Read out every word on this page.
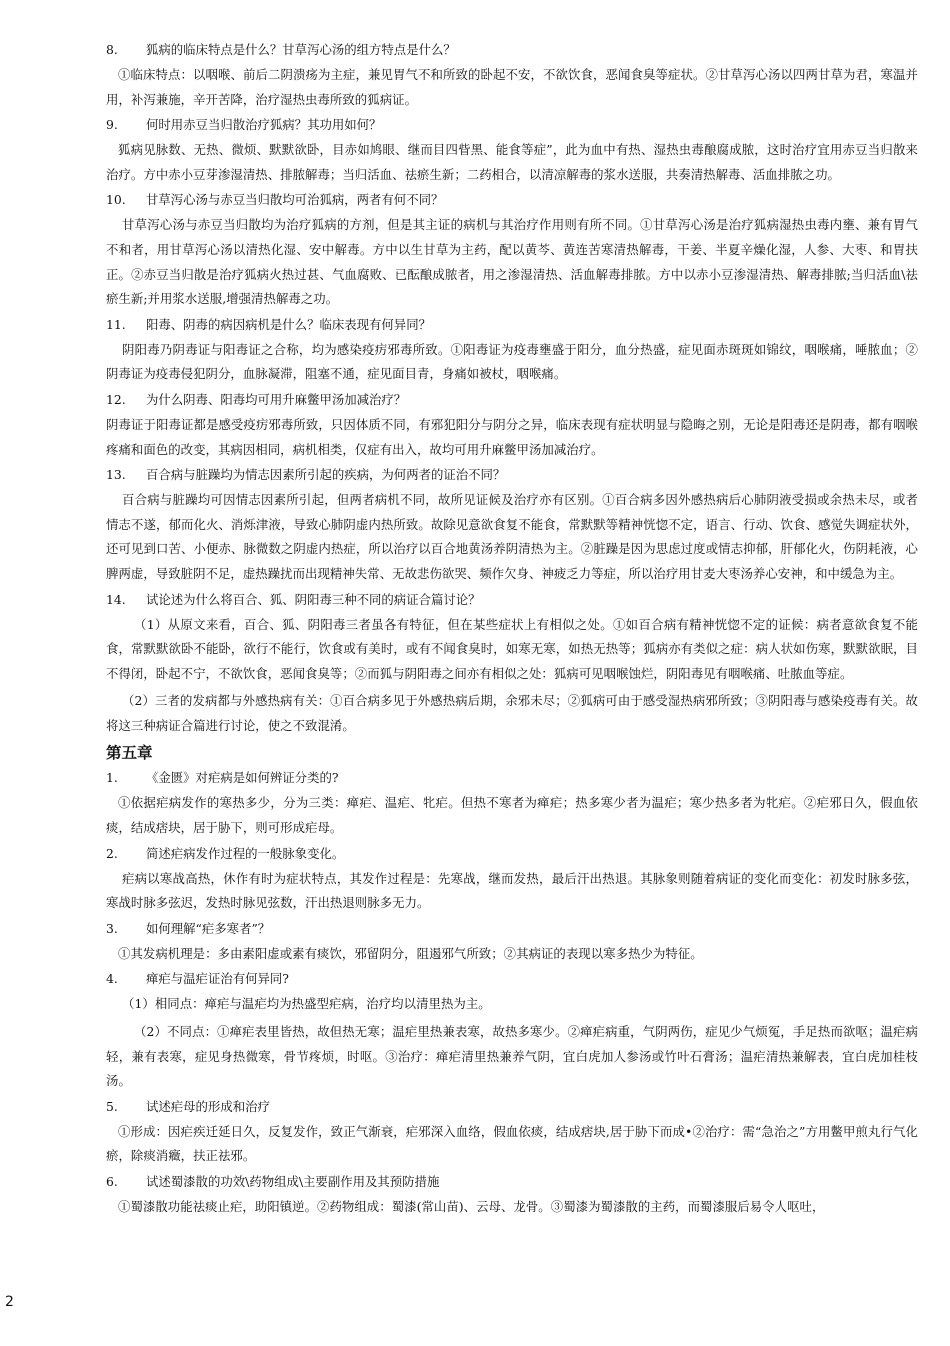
8. 狐病的临床特点是什么？甘草泻心汤的组方特点是什么？

①临床特点：以咽喉、前后二阴溃疡为主症，兼见胃气不和所致的卧起不安，不欲饮食，恶闻食臭等症状。②甘草泻心汤以四两甘草为君，寒温并用，补泻兼施，辛开苦降，治疗湿热虫毒所致的狐病证。

9. 何时用赤豆当归散治疗狐病？其功用如何？

狐病见脉数、无热、微烦、默默欲卧，目赤如鸠眼、继而目四眥黑、能食等症”，此为血中有热、湿热虫毒酿腐成脓，这时治疗宜用赤豆当归散来治疗。方中赤小豆芽渗湿清热、排脓解毒；当归活血、祛瘀生新；二药相合，以清凉解毒的浆水送服，共奏清热解毒、活血排脓之功。

10. 甘草泻心汤与赤豆当归散均可治狐病，两者有何不同？

甘草泻心汤与赤豆当归散均为治疗狐病的方剂，但是其主证的病机与其治疗作用则有所不同。①甘草泻心汤是治疗狐病湿热虫毒内壅、兼有胃气不和者，用甘草泻心汤以清热化湿、安中解毒。方中以生甘草为主药，配以黄芩、黄连苦寒清热解毒，干姜、半夏辛燥化湿，人参、大枣、和胃扶正。②赤豆当归散是治疗狐病火热过甚、气血腐败、已酝酿成脓者，用之渗湿清热、活血解毒排脓。方中以赤小豆渗湿清热、解毒排脓;当归活血\祛瘀生新;并用浆水送服,增强清热解毒之功。

11. 阳毒、阴毒的病因病机是什么？临床表现有何异同？

阴阳毒乃阴毒证与阳毒证之合称，均为感染疫疠邪毒所致。①阳毒证为疫毒壅盛于阳分，血分热盛，症见面赤斑斑如锦纹，咽喉痛，唾脓血；②阴毒证为疫毒侵犯阴分，血脉凝滞，阻塞不通，症见面目青，身痛如被杖，咽喉痛。

12. 为什么阴毒、阳毒均可用升麻鳖甲汤加减治疗？

阴毒证于阳毒证都是感受疫疠邪毒所致，只因体质不同，有邪犯阳分与阴分之异，临床表现有症状明显与隐晦之别，无论是阳毒还是阴毒，都有咽喉疼痛和面色的改变，其病因相同，病机相类，仅症有出入，故均可用升麻鳖甲汤加减治疗。

13. 百合病与脏躁均为情志因素所引起的疾病，为何两者的证治不同？

百合病与脏躁均可因情志因素所引起，但两者病机不同，故所见证候及治疗亦有区别。①百合病多因外感热病后心肺阴液受损或余热未尽，或者情志不遂，郁而化火、消烁津液，导致心肺阴虚内热所致。故除见意欲食复不能食，常默默等精神恍惚不定，语言、行动、饮食、感觉失调症状外，还可见到口苦、小便赤、脉微数之阴虚内热症，所以治疗以百合地黄汤养阴清热为主。②脏躁是因为思虑过度或情志抑郁，肝郁化火，伤阴耗液，心脾两虚，导致脏阴不足，虚热躁扰而出现精神失常、无故悲伤欲哭、频作欠身、神疲乏力等症，所以治疗用甘麦大枣汤养心安神，和中缓急为主。

14. 试论述为什么将百合、狐、阴阳毒三种不同的病证合篇讨论？

（1）从原文来看，百合、狐、阴阳毒三者虽各有特征，但在某些症状上有相似之处。①如百合病有精神恍惚不定的证候：病者意欲食复不能食，常默默欲卧不能卧，欲行不能行，饮食或有美时，或有不闻食臭时，如寒无寒，如热无热等；狐病亦有类似之症：病人状如伤寒，默默欲眠，目不得闭，卧起不宁，不欲饮食，恶闻食臭等；②而狐与阴阳毒之间亦有相似之处：狐病可见咽喉蚀烂，阴阳毒见有咽喉痛、吐脓血等症。

（2）三者的发病都与外感热病有关：①百合病多见于外感热病后期，余邪未尽；②狐病可由于感受湿热病邪所致；③阴阳毒与感染疫毒有关。故将这三种病证合篇进行讨论，使之不致混淆。

第五章
1. 《金匮》对疟病是如何辨证分类的?

①依据疟病发作的寒热多少，分为三类：瘅疟、温疟、牝疟。但热不寒者为瘅疟；热多寒少者为温疟；寒少热多者为牝疟。②疟邪日久，假血依痰，结成痞块，居于胁下，则可形成疟母。

2. 简述疟病发作过程的一般脉象变化。

疟病以寒战高热，休作有时为症状特点，其发作过程是：先寒战，继而发热，最后汗出热退。其脉象则随着病证的变化而变化：初发时脉多弦，寒战时脉多弦迟，发热时脉见弦数，汗出热退则脉多无力。

3. 如何理解“疟多寒者”？

①其发病机理是：多由素阳虚或素有痰饮，邪留阴分，阻遏邪气所致；②其病证的表现以寒多热少为特征。

4. 瘅疟与温疟证治有何异同?

（1）相同点：瘅疟与温疟均为热盛型疟病，治疗均以清里热为主。

（2）不同点：①瘅疟表里皆热，故但热无寒；温疟里热兼表寒，故热多寒少。②瘅疟病重，气阴两伤，症见少气烦冤，手足热而欲呕；温疟病轻，兼有表寒，症见身热微寒，骨节疼烦，时呕。③治疗：瘅疟清里热兼养气阴，宜白虎加人参汤或竹叶石膏汤；温疟清热兼解表，宜白虎加桂枝汤。

5. 试述疟母的形成和治疗

①形成：因疟疾迁延日久，反复发作，致正气渐衰，疟邪深入血络，假血依痰，结成痞块,居于胁下而成•②治疗：需“急治之”方用鳖甲煎丸行气化瘀，除痰消癥，扶正祛邪。

6. 试述蜀漆散的功效\药物组成\主要副作用及其预防措施

①蜀漆散功能祛痰止疟，助阳镇逆。②药物组成：蜀漆(常山苗)、云母、龙骨。③蜀漆为蜀漆散的主药，而蜀漆服后易令人呕吐，

2
